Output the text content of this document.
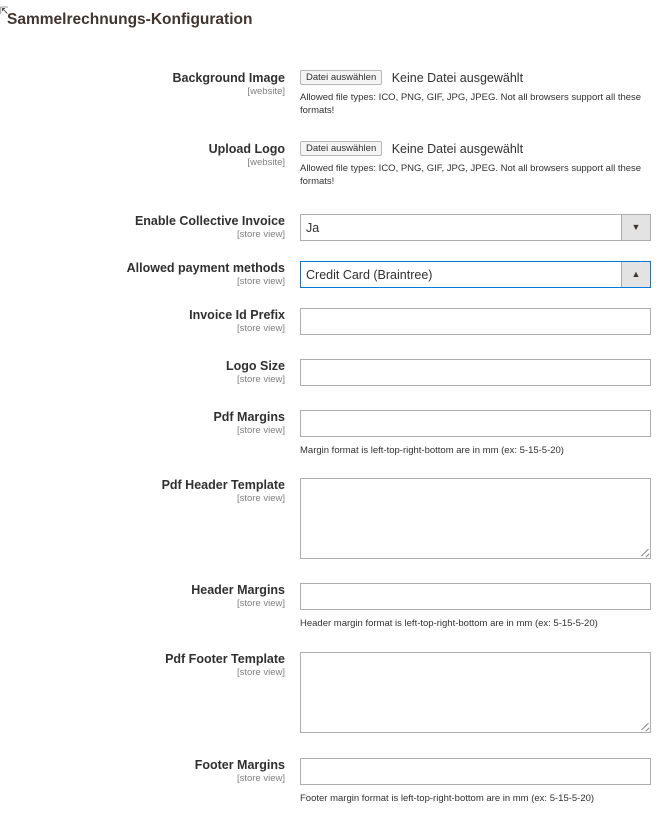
⇱
Sammelrechnungs-Konfiguration
Background Image
[website]
Datei auswählen Keine Datei ausgewählt
Allowed file types: ICO, PNG, GIF, JPG, JPEG. Not all browsers support all these formats!
Upload Logo
[website]
Datei auswählen Keine Datei ausgewählt
Allowed file types: ICO, PNG, GIF, JPG, JPEG. Not all browsers support all these formats!
Enable Collective Invoice
[store view] Ja	▼
Allowed payment methods
[store view] Credit Card (Braintree)	▲
Invoice Id Prefix
[store view]
Logo Size
[store view]
Pdf Margins
[store view]
Margin format is left-top-right-bottom are in mm (ex: 5-15-5-20)
Pdf Header Template
[store view]
Header Margins
[store view]
Header margin format is left-top-right-bottom are in mm (ex: 5-15-5-20)
Pdf Footer Template
[store view]
Footer Margins
[store view]
Footer margin format is left-top-right-bottom are in mm (ex: 5-15-5-20)
